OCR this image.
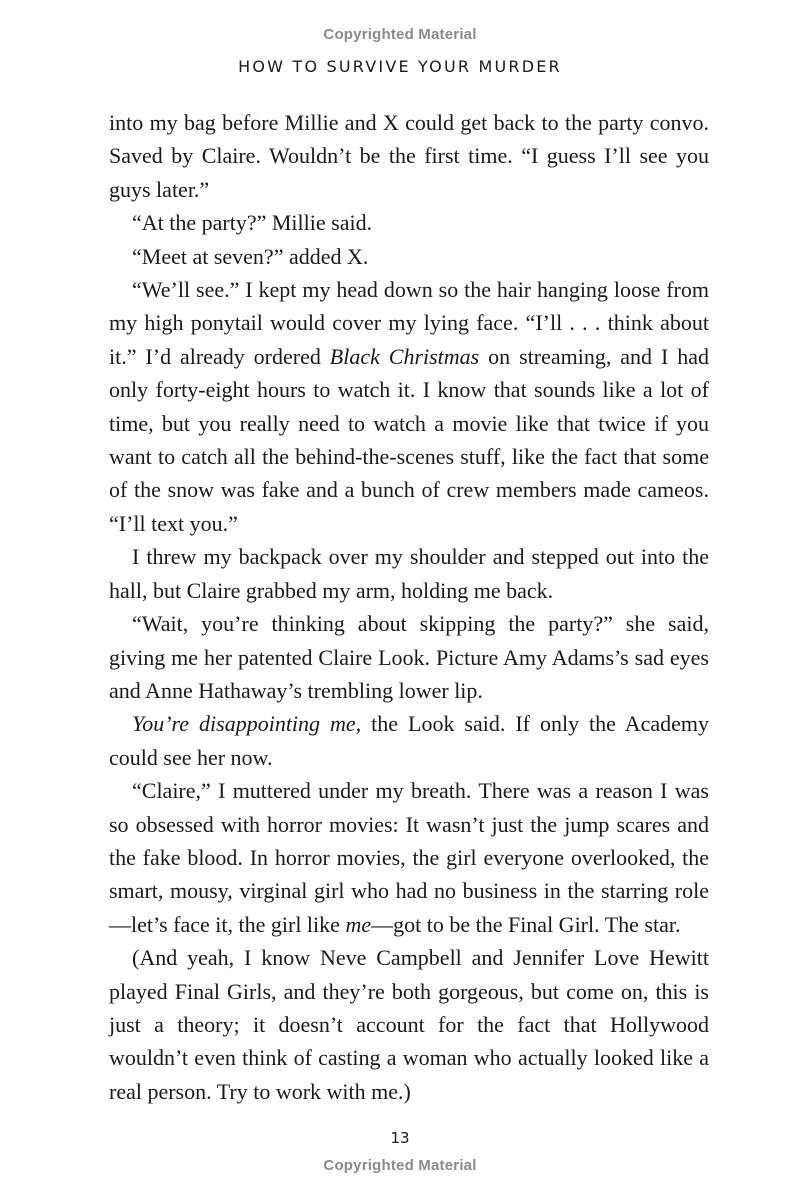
Copyrighted Material
HOW TO SURVIVE YOUR MURDER

into my bag before Millie and X could get back to the party convo. Saved by Claire. Wouldn’t be the first time. “I guess I’ll see you guys later.”

“At the party?” Millie said.

“Meet at seven?” added X.

“We’ll see.” I kept my head down so the hair hanging loose from my high ponytail would cover my lying face. “I’ll . . . think about it.” I’d already ordered Black Christmas on streaming, and I had only forty-eight hours to watch it. I know that sounds like a lot of time, but you really need to watch a movie like that twice if you want to catch all the behind-the-scenes stuff, like the fact that some of the snow was fake and a bunch of crew members made cameos. “I’ll text you.”

I threw my backpack over my shoulder and stepped out into the hall, but Claire grabbed my arm, holding me back.

“Wait, you’re thinking about skipping the party?” she said, giving me her patented Claire Look. Picture Amy Adams’s sad eyes and Anne Hathaway’s trembling lower lip.

You’re disappointing me, the Look said. If only the Academy could see her now.

“Claire,” I muttered under my breath. There was a reason I was so obsessed with horror movies: It wasn’t just the jump scares and the fake blood. In horror movies, the girl everyone overlooked, the smart, mousy, virginal girl who had no business in the starring role—let’s face it, the girl like me—got to be the Final Girl. The star.

(And yeah, I know Neve Campbell and Jennifer Love Hewitt played Final Girls, and they’re both gorgeous, but come on, this is just a theory; it doesn’t account for the fact that Hollywood wouldn’t even think of casting a woman who actually looked like a real person. Try to work with me.)

13
Copyrighted Material
